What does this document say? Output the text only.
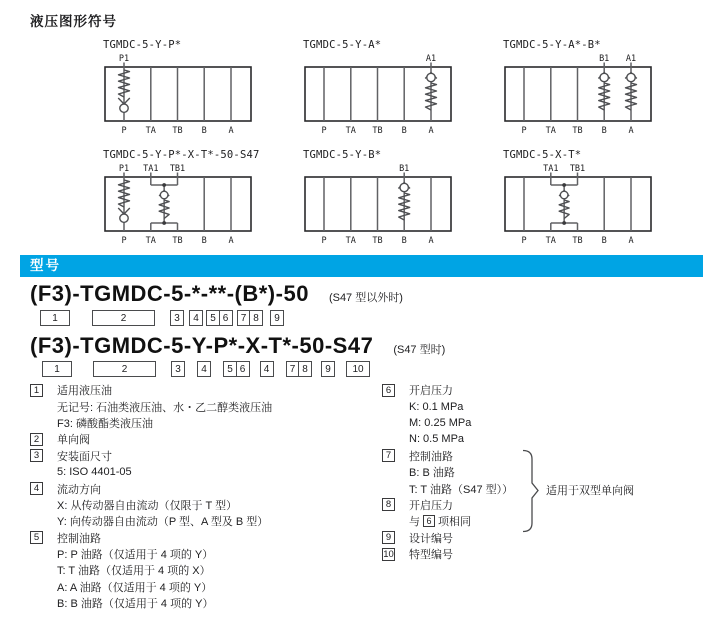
液压图形符号
TGMDC-5-Y-P*
P1
P TA TB B	A
TGMDC-5-Y-A*
A1
P TA TB B	A
TGMDC-5-Y-A*-B*
B1 A1
P TA TB B	A
TGMDC-5-Y-P*-X-T*-50-S47
P1 TA1 TB1
P TA TB B	A
TGMDC-5-Y-B*
B1
P TA TB B	A
TGMDC-5-X-T*
TA1 TB1
P TA TB B	A
型号
(F3)-TGMDC-5-*-**-(B*)-50 (S47 型以外时)
1	2	3	4	5 6	7 8	9
(F3)-TGMDC-5-Y-P*-X-T*-50-S47 (S47 型时)
1	2	3	4	5 6	4	7 8	9	10
1	适用液压油
无记号: 石油类液压油、水・乙二醇类液压油
F3: 磷酸酯类液压油
2	单向阀
3	安装面尺寸
5: ISO 4401-05
4	流动方向
X: 从传动器自由流动（仅限于 T 型）
Y: 向传动器自由流动（P 型、A 型及 B 型）
5	控制油路
P: P 油路（仅适用于 4 项的 Y）
T: T 油路（仅适用于 4 项的 X）
A: A 油路（仅适用于 4 项的 Y）
B: B 油路（仅适用于 4 项的 Y）
6	开启压力
K: 0.1 MPa
M: 0.25 MPa
N: 0.5 MPa
7	控制油路
B: B 油路
T: T 油路（S47 型））
8	开启压力
与 6 项相同
9	设计编号
10 特型编号
适用于双型单向阀
